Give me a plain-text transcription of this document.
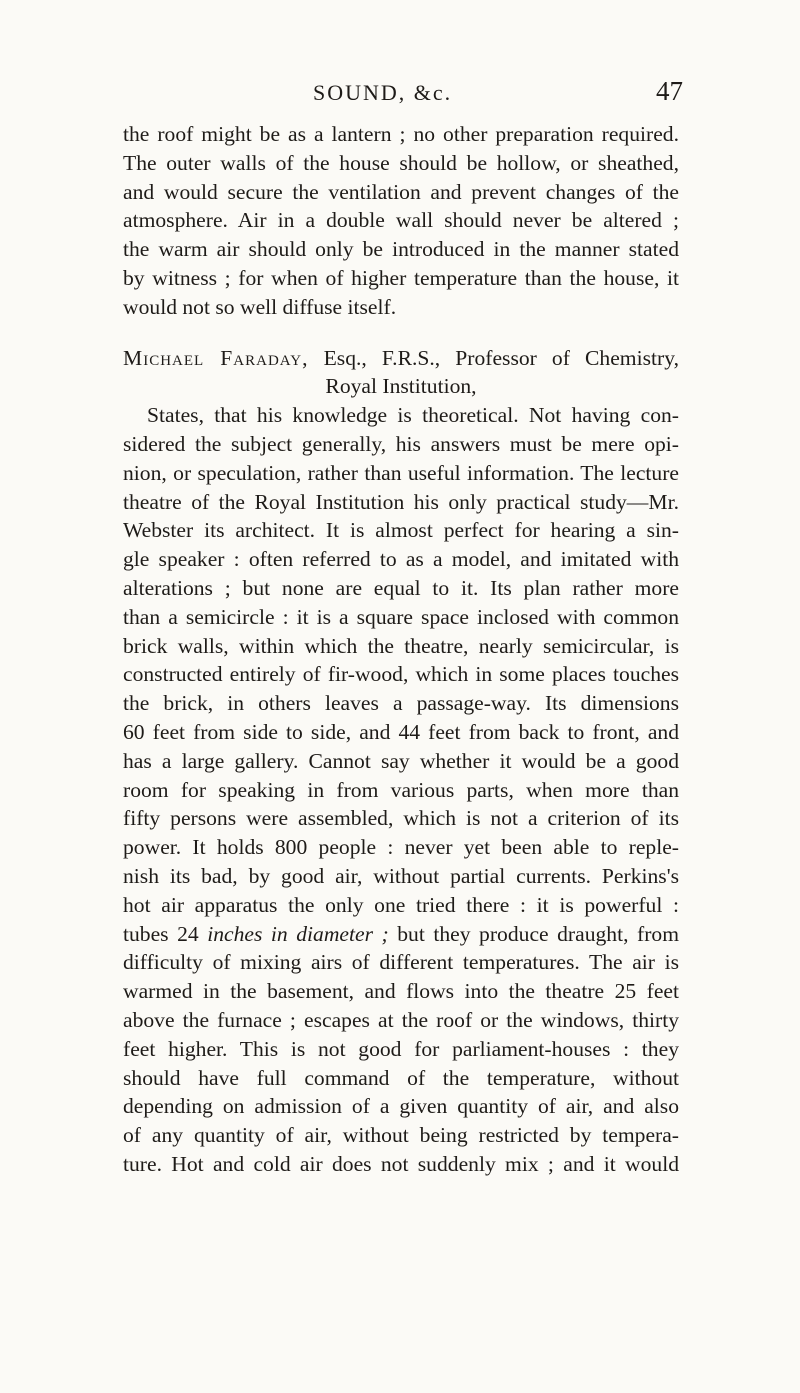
SOUND, &c.	47
the roof might be as a lantern ; no other preparation required.
The outer walls of the house should be hollow, or sheathed,
and would secure the ventilation and prevent changes of the
atmosphere. Air in a double wall should never be altered ;
the warm air should only be introduced in the manner stated
by witness ; for when of higher temperature than the house, it
would not so well diffuse itself.
Michael Faraday, Esq., F.R.S., Professor of Chemistry,
Royal Institution,
States, that his knowledge is theoretical. Not having con-
sidered the subject generally, his answers must be mere opi-
nion, or speculation, rather than useful information. The lecture
theatre of the Royal Institution his only practical study—Mr.
Webster its architect. It is almost perfect for hearing a sin-
gle speaker : often referred to as a model, and imitated with
alterations ; but none are equal to it. Its plan rather more
than a semicircle : it is a square space inclosed with common
brick walls, within which the theatre, nearly semicircular, is
constructed entirely of fir-wood, which in some places touches
the brick, in others leaves a passage-way. Its dimensions
60 feet from side to side, and 44 feet from back to front, and
has a large gallery. Cannot say whether it would be a good
room for speaking in from various parts, when more than
fifty persons were assembled, which is not a criterion of its
power. It holds 800 people : never yet been able to reple-
nish its bad, by good air, without partial currents. Perkins's
hot air apparatus the only one tried there : it is powerful :
tubes 24 inches in diameter ; but they produce draught, from
difficulty of mixing airs of different temperatures. The air is
warmed in the basement, and flows into the theatre 25 feet
above the furnace ; escapes at the roof or the windows, thirty
feet higher. This is not good for parliament-houses : they
should have full command of the temperature, without
depending on admission of a given quantity of air, and also
of any quantity of air, without being restricted by tempera-
ture. Hot and cold air does not suddenly mix ; and it would
